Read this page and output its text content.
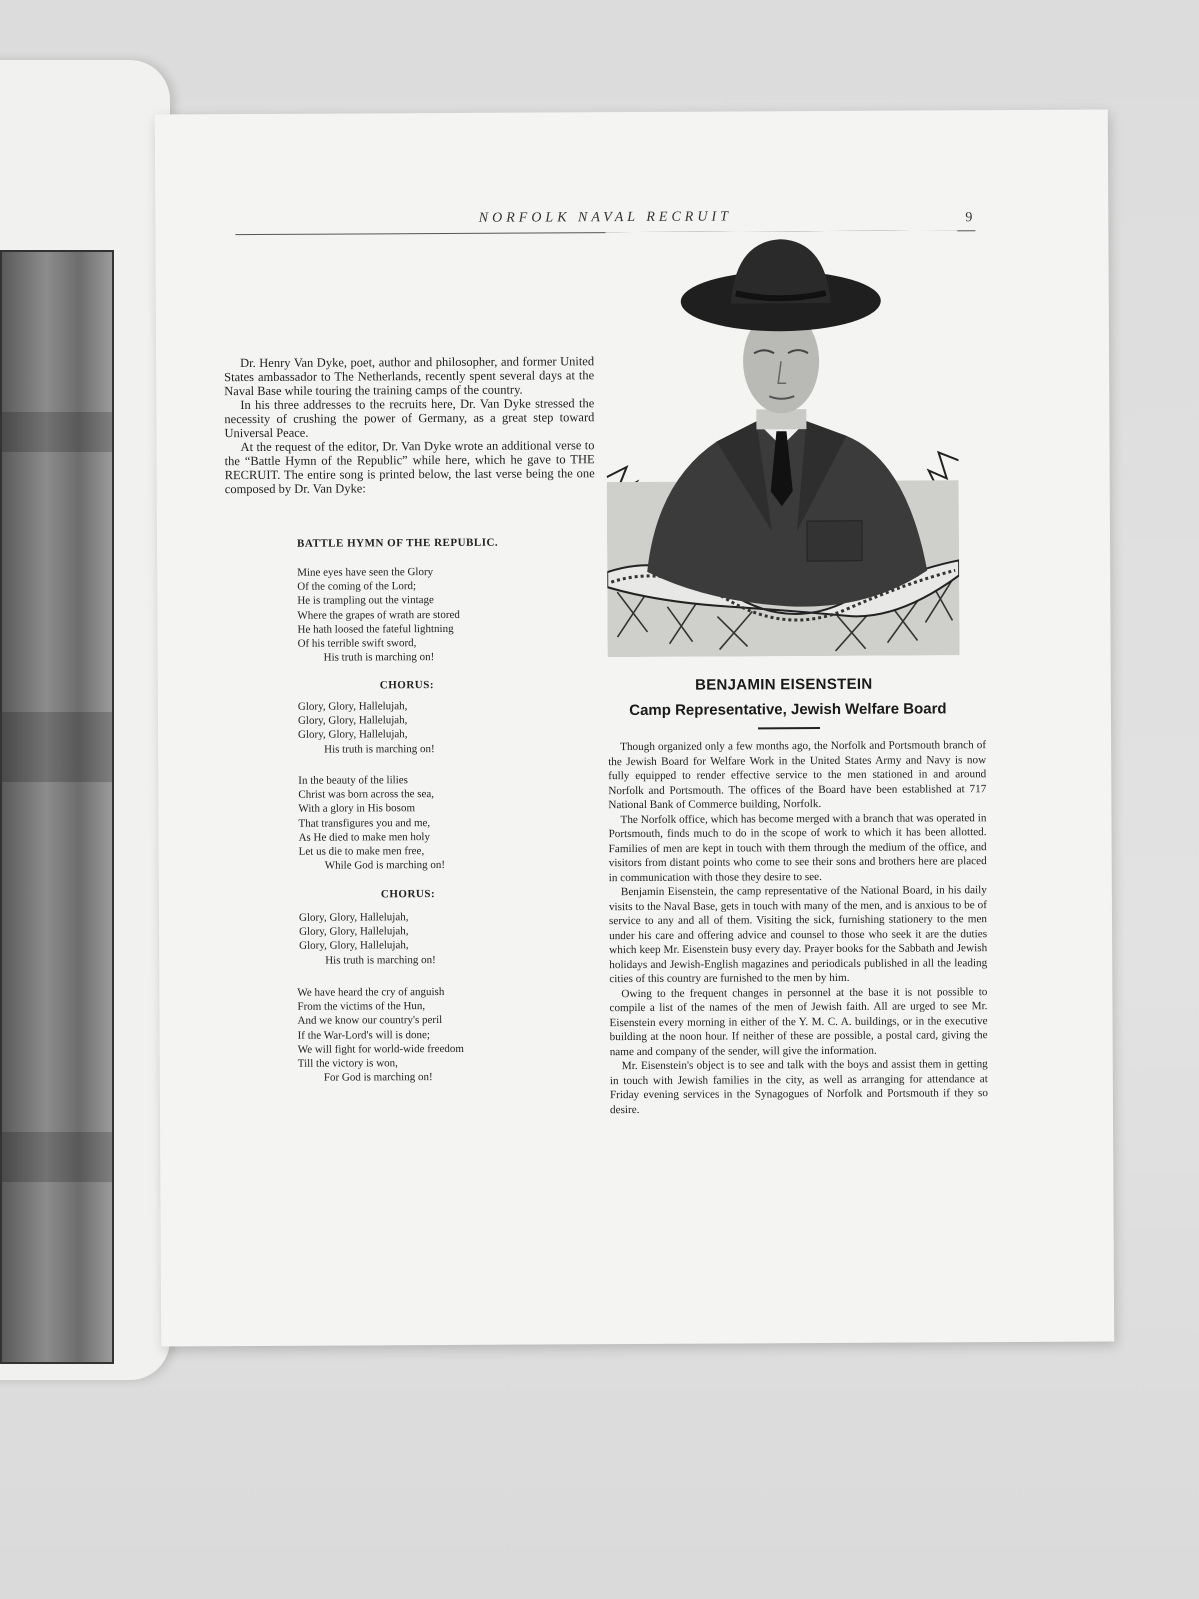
NORFOLK NAVAL RECRUIT	9

Dr. Henry Van Dyke, poet, author and philosopher, and former United States ambassador to The Netherlands, recently spent several days at the Naval Base while touring the training camps of the country.

In his three addresses to the recruits here, Dr. Van Dyke stressed the necessity of crushing the power of Germany, as a great step toward Universal Peace.

At the request of the editor, Dr. Van Dyke wrote an additional verse to the “Battle Hymn of the Republic” while here, which he gave to THE RECRUIT. The entire song is printed below, the last verse being the one composed by Dr. Van Dyke:

BATTLE HYMN OF THE REPUBLIC.
Mine eyes have seen the Glory
Of the coming of the Lord;
He is trampling out the vintage
Where the grapes of wrath are stored
He hath loosed the fateful lightning
Of his terrible swift sword,
His truth is marching on!
CHORUS:
Glory, Glory, Hallelujah,
Glory, Glory, Hallelujah,
Glory, Glory, Hallelujah,
His truth is marching on!
In the beauty of the lilies
Christ was born across the sea,
With a glory in His bosom
That transfigures you and me,
As He died to make men holy
Let us die to make men free,
While God is marching on!
CHORUS:
Glory, Glory, Hallelujah,
Glory, Glory, Hallelujah,
Glory, Glory, Hallelujah,
His truth is marching on!
We have heard the cry of anguish
From the victims of the Hun,
And we know our country's peril
If the War-Lord's will is done;
We will fight for world-wide freedom
Till the victory is won,
For God is marching on!
BENJAMIN EISENSTEIN
Camp Representative, Jewish Welfare Board

Though organized only a few months ago, the Norfolk and Portsmouth branch of the Jewish Board for Welfare Work in the United States Army and Navy is now fully equipped to render effective service to the men stationed in and around Norfolk and Portsmouth. The offices of the Board have been established at 717 National Bank of Commerce building, Norfolk.

The Norfolk office, which has become merged with a branch that was operated in Portsmouth, finds much to do in the scope of work to which it has been allotted. Families of men are kept in touch with them through the medium of the office, and visitors from distant points who come to see their sons and brothers here are placed in communication with those they desire to see.

Benjamin Eisenstein, the camp representative of the National Board, in his daily visits to the Naval Base, gets in touch with many of the men, and is anxious to be of service to any and all of them. Visiting the sick, furnishing stationery to the men under his care and offering advice and counsel to those who seek it are the duties which keep Mr. Eisenstein busy every day. Prayer books for the Sabbath and Jewish holidays and Jewish-English magazines and periodicals published in all the leading cities of this country are furnished to the men by him.

Owing to the frequent changes in personnel at the base it is not possible to compile a list of the names of the men of Jewish faith. All are urged to see Mr. Eisenstein every morning in either of the Y. M. C. A. buildings, or in the executive building at the noon hour. If neither of these are possible, a postal card, giving the name and company of the sender, will give the information.

Mr. Eisenstein's object is to see and talk with the boys and assist them in getting in touch with Jewish families in the city, as well as arranging for attendance at Friday evening services in the Synagogues of Norfolk and Portsmouth if they so desire.
